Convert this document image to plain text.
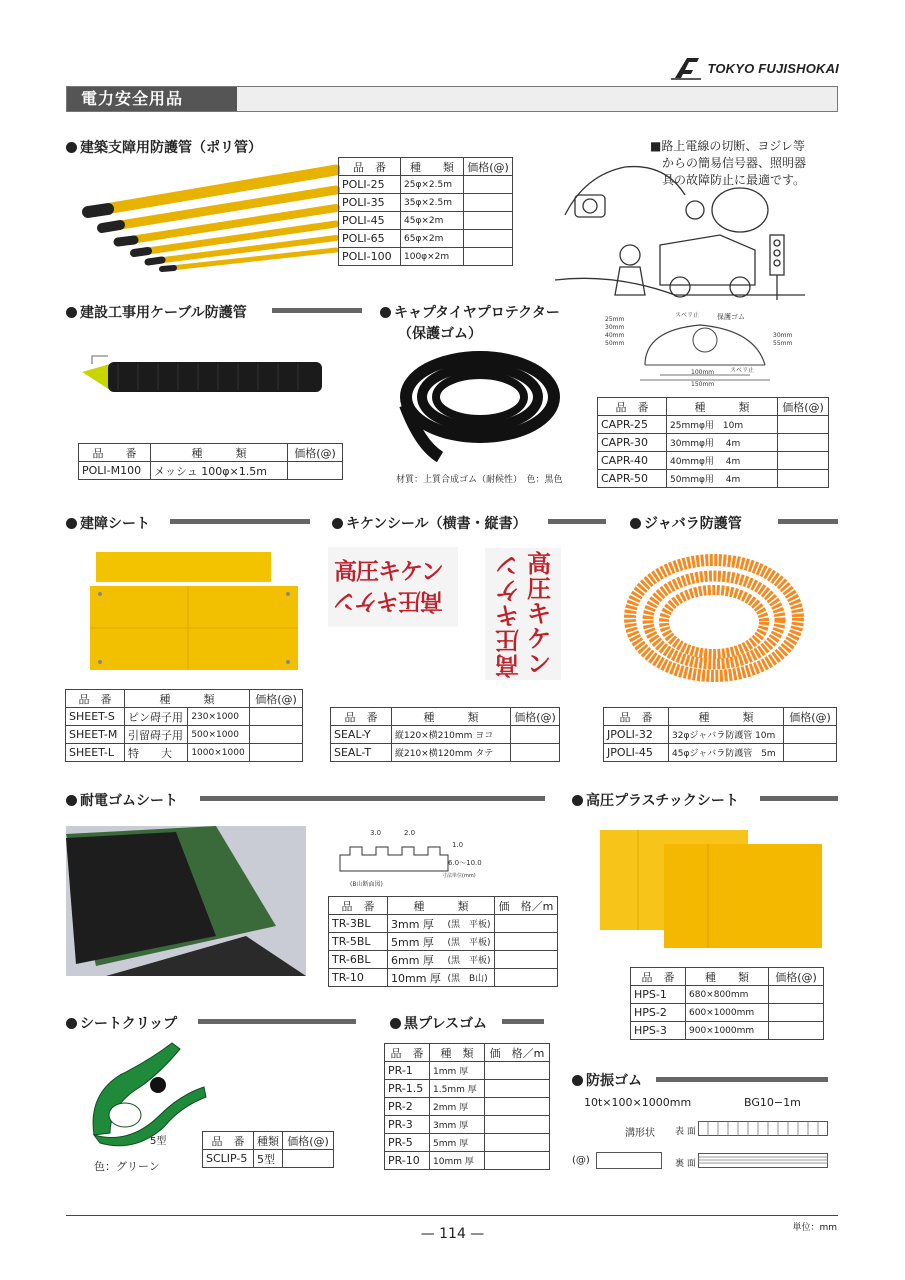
TOKYO FUJISHOKAI
電力安全用品
建築支障用防護管（ポリ管）
品　番	種　　類	価格(@)
POLI-25	25φ×2.5m	
POLI-35	35φ×2.5m	
POLI-45	45φ×2m	
POLI-65	65φ×2m	
POLI-100	100φ×2m	
■路上電線の切断、ヨジレ等
からの簡易信号器、照明器
具の故障防止に最適です。
建設工事用ケーブル防護管
品　　番	種　　　類	価格(@)
POLI-M100	メッシュ 100φ×1.5m	
キャプタイヤプロテクター
（保護ゴム）
材質：上質合成ゴム（耐候性）　色：黒色
25mm
30mm
40mm
50mm
30mm
55mm
100mm
150mm
スベリ止
スベリ止
保護ゴム
品　番	種　　　類	価格(@)
CAPR-25	25mmφ用　10m	
CAPR-30	30mmφ用　 4m	
CAPR-40	40mmφ用　 4m	
CAPR-50	50mmφ用　 4m	
建障シート
品　番	種　　　類		価格(@)
SHEET-S	ピン碍子用	230×1000	
SHEET-M	引留碍子用	500×1000	
SHEET-L	特　　大	1000×1000	
キケンシール（横書・縦書）
高圧キケン
高圧キケン
高圧キケン
高圧キケン
品　番	種　　　類	価格(@)
SEAL-Y	縦120×横210mm ヨコ	
SEAL-T	縦210×横120mm タテ	
ジャバラ防護管
品　番	種　　　類	価格(@)
JPOLI-32	32φジャバラ防護管 10m	
JPOLI-45	45φジャバラ防護管　5m	
耐電ゴムシート
3.0	2.0
1.0
6.0〜10.0
寸法単位(mm)
(B山断面図)
品　番	種　　　類		価　格／m
TR-3BL	3mm 厚	(黒　平板)	
TR-5BL	5mm 厚	(黒　平板)	
TR-6BL	6mm 厚	(黒　平板)	
TR-10	10mm 厚	(黒　B山)	
高圧プラスチックシート
品　番	種　　類	価格(@)
HPS-1	680×800mm	
HPS-2	600×1000mm	
HPS-3	900×1000mm	
シートクリップ
5型
色：グリーン
品　番	種類	価格(@)
SCLIP-5	5型	
黒プレスゴム
品　番	種　類	価　格／m
PR-1	1mm 厚	
PR-1.5	1.5mm 厚	
PR-2	2mm 厚	
PR-3	3mm 厚	
PR-5	5mm 厚	
PR-10	10mm 厚	
防振ゴム
10t×100×1000mm	BG10−1m
溝形状 表 面
(@)	裏 面
単位：mm
— 114 —
